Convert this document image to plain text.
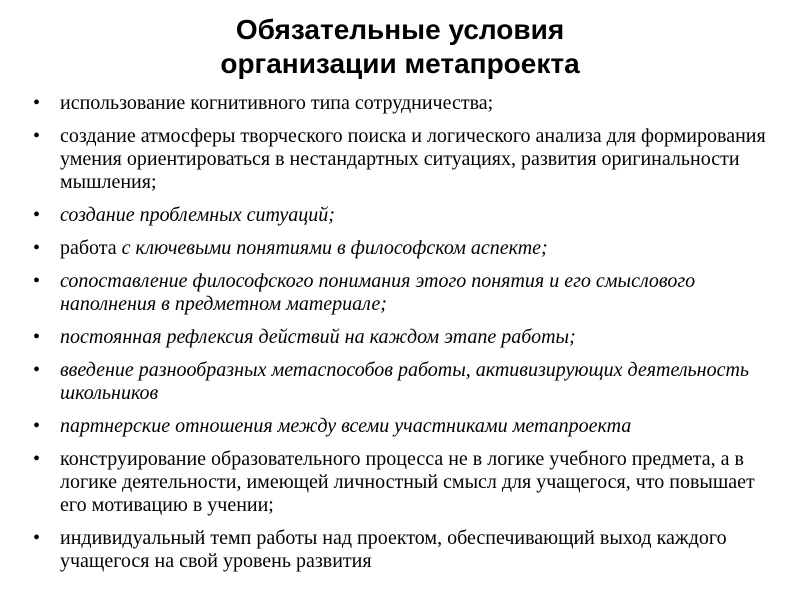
Обязательные условия
организации метапроекта
• использование когнитивного типа сотрудничества;
• создание атмосферы творческого поиска и логического анализа для формирования умения ориентироваться в нестандартных ситуациях, развития оригинальности мышления;
• создание проблемных ситуаций;
• работа с ключевыми понятиями в философском аспекте;
• сопоставление философского понимания этого понятия и его смыслового наполнения в предметном материале;
• постоянная рефлексия действий на каждом этапе работы;
• введение разнообразных метаспособов работы, активизирующих деятельность школьников
• партнерские отношения между всеми участниками метапроекта
• конструирование образовательного процесса не в логике учебного предмета, а в логике деятельности, имеющей личностный смысл для учащегося, что повышает его мотивацию в учении;
• индивидуальный темп работы над проектом, обеспечивающий выход каждого учащегося на свой уровень развития
